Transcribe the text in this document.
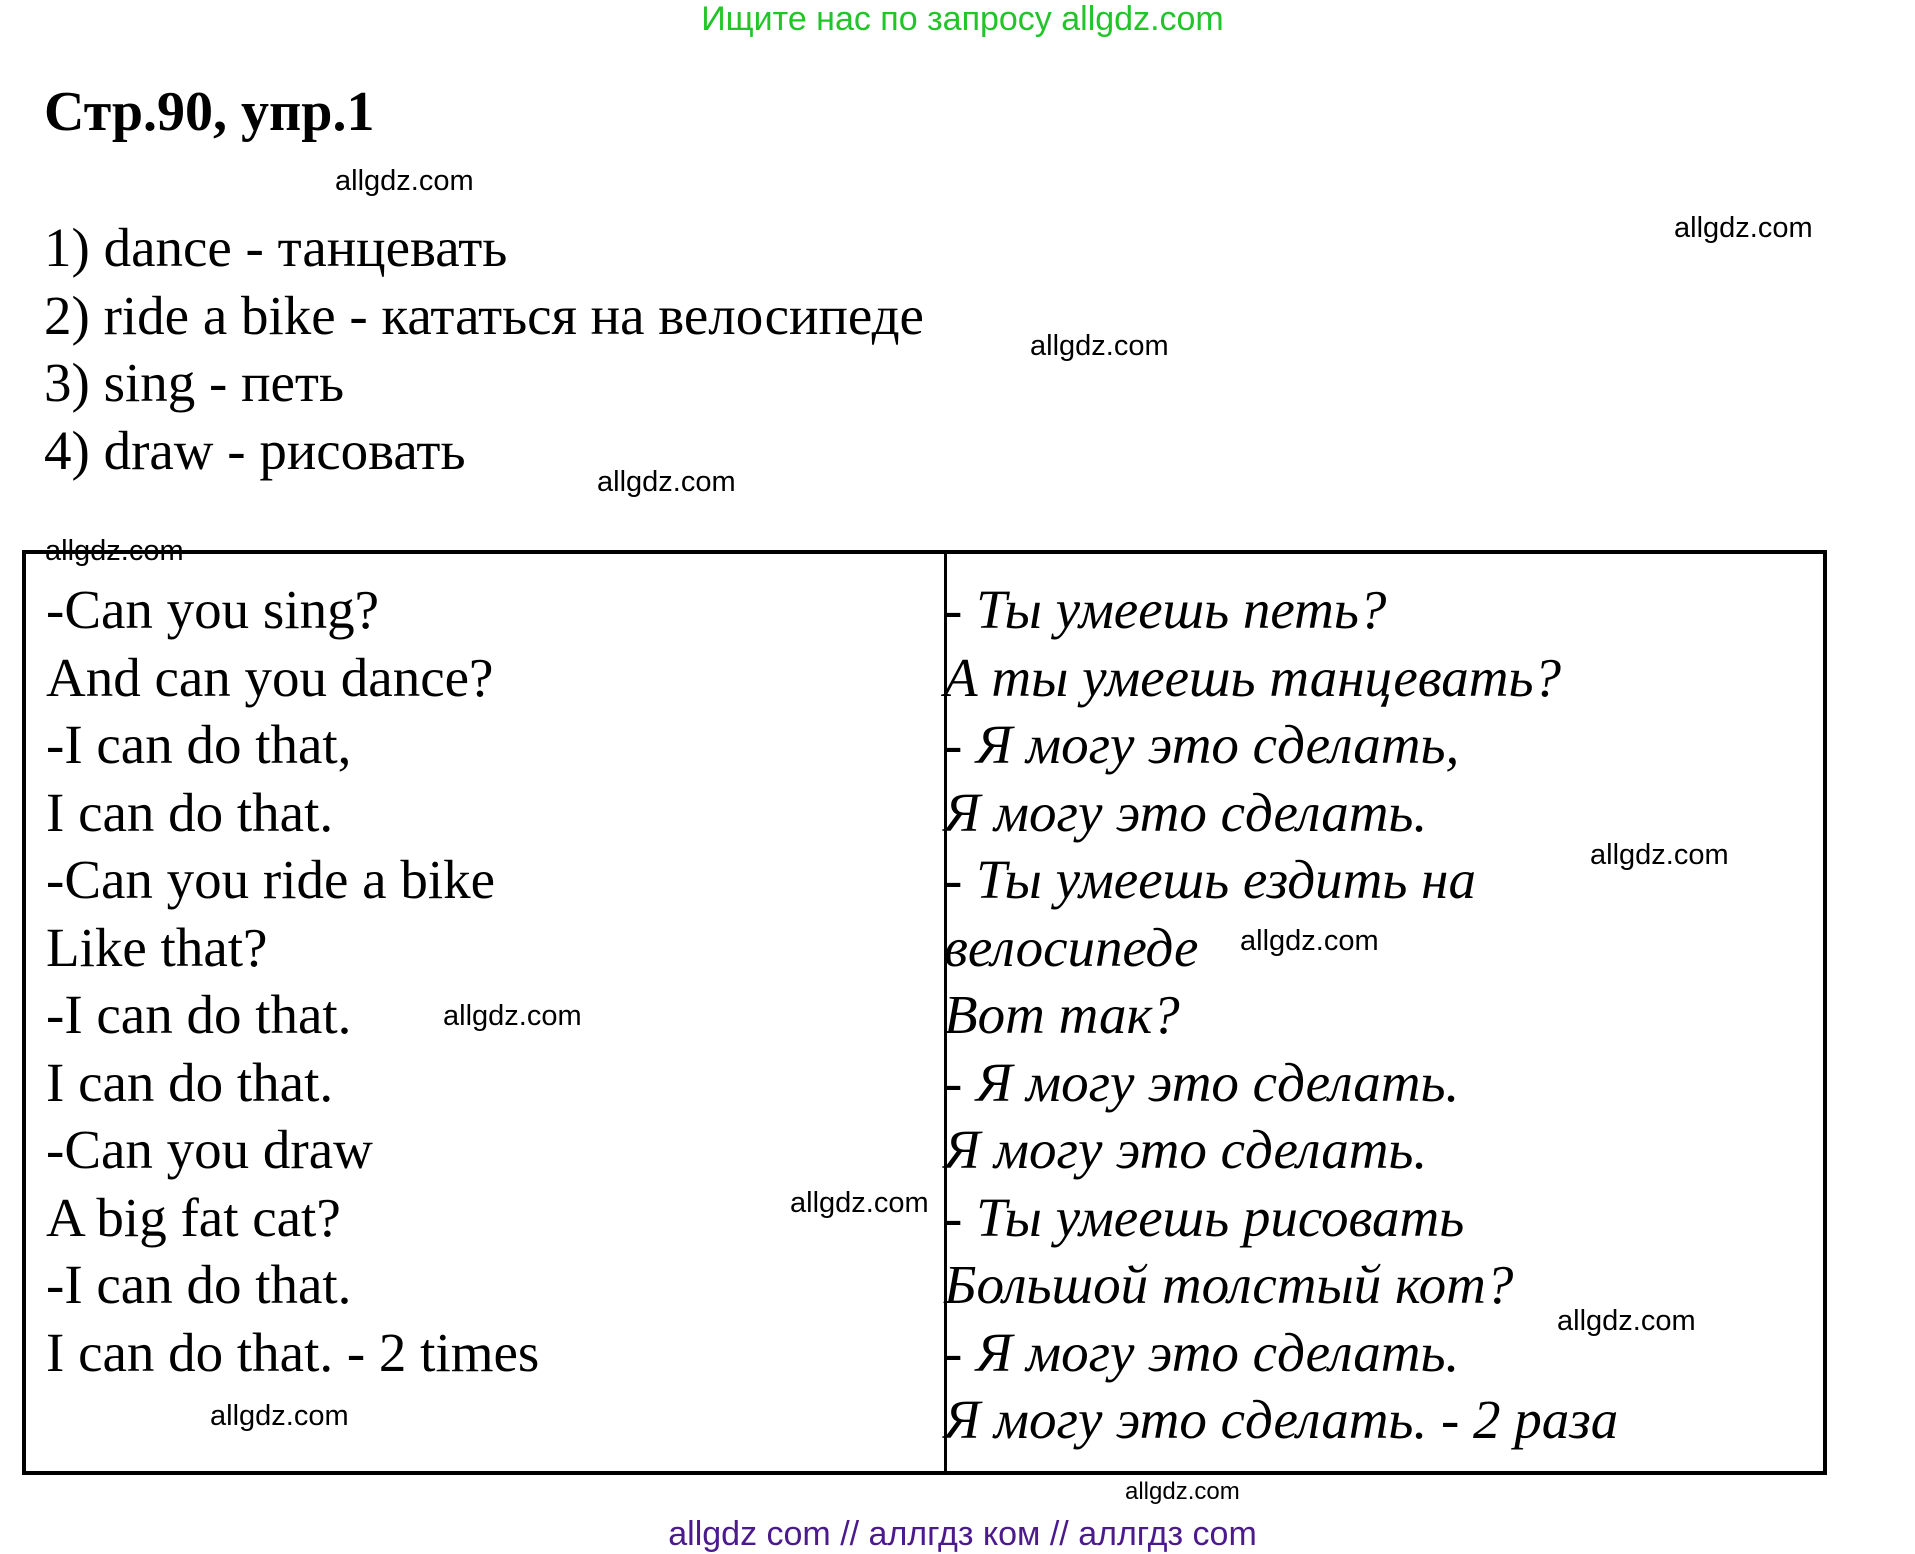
Ищите нас по запросу allgdz.com
Стр.90, упр.1
1) dance - танцевать
2) ride a bike - кататься на велосипеде
3) sing - петь
4) draw - рисовать
-Can you sing?
And can you dance?
-I can do that,
I can do that.
-Can you ride a bike
Like that?
-I can do that.
I can do that.
-Can you draw
A big fat cat?
-I can do that.
I can do that. - 2 times
- Ты умеешь петь?
А ты умеешь танцевать?
- Я могу это сделать,
Я могу это сделать.
- Ты умеешь ездить на
велосипеде
Вот так?
- Я могу это сделать.
Я могу это сделать.
- Ты умеешь рисовать
Большой толстый кот?
- Я могу это сделать.
Я могу это сделать. - 2 раза
allgdz.com
allgdz.com
allgdz.com
allgdz.com
allgdz.com
allgdz.com
allgdz.com
allgdz.com
allgdz.com
allgdz.com
allgdz.com
allgdz.com
allgdz com // аллгдз ком // аллгдз com
